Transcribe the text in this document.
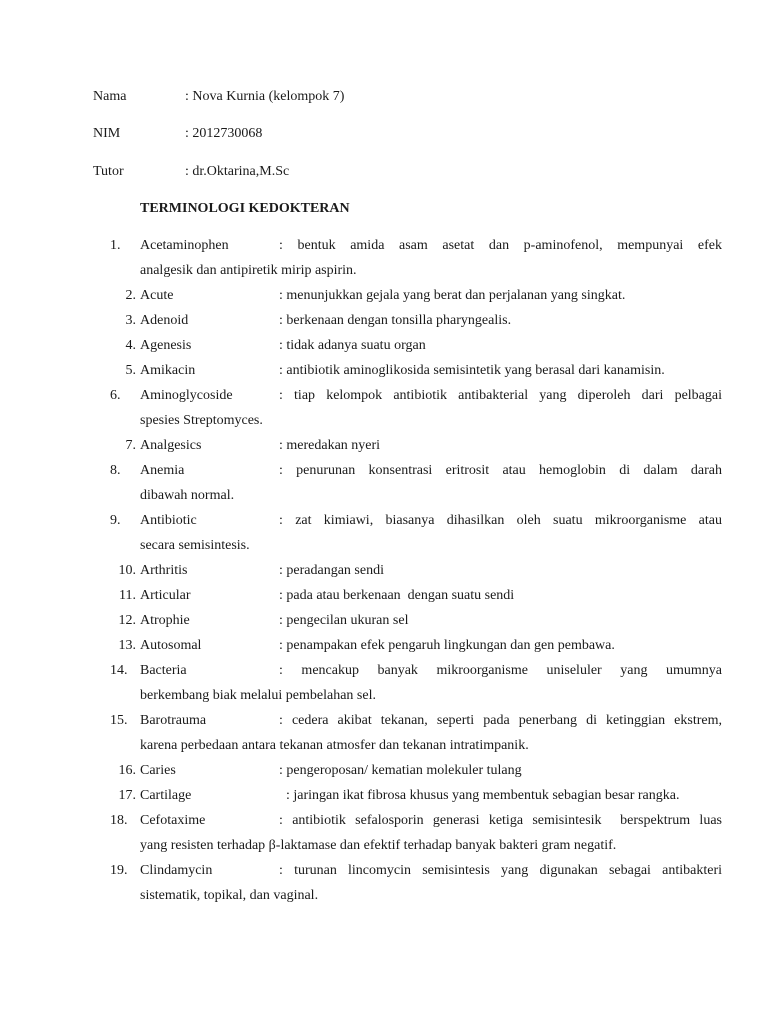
Nama	: Nova Kurnia (kelompok 7)
NIM	: 2012730068
Tutor	: dr.Oktarina,M.Sc
TERMINOLOGI KEDOKTERAN
1.	Acetaminophen	: bentuk amida asam asetat dan p-aminofenol, mempunyai efek
analgesik dan antipiretik mirip aspirin.
2. Acute	: menunjukkan gejala yang berat dan perjalanan yang singkat.
3. Adenoid	: berkenaan dengan tonsilla pharyngealis.
4. Agenesis	: tidak adanya suatu organ
5. Amikacin	: antibiotik aminoglikosida semisintetik yang berasal dari kanamisin.
6.	Aminoglycoside	: tiap kelompok antibiotik antibakterial yang diperoleh dari pelbagai
spesies Streptomyces.
7. Analgesics	: meredakan nyeri
8.	Anemia	: penurunan konsentrasi eritrosit atau hemoglobin di dalam darah
dibawah normal.
9.	Antibiotic	: zat kimiawi, biasanya dihasilkan oleh suatu mikroorganisme atau
secara semisintesis.
10. Arthritis	: peradangan sendi
11. Articular	: pada atau berkenaan  dengan suatu sendi
12. Atrophie	: pengecilan ukuran sel
13. Autosomal	: penampakan efek pengaruh lingkungan dan gen pembawa.
14. Bacteria	: mencakup banyak mikroorganisme uniseluler yang umumnya
berkembang biak melalui pembelahan sel.
15. Barotrauma	: cedera akibat tekanan, seperti pada penerbang di ketinggian ekstrem,
karena perbedaan antara tekanan atmosfer dan tekanan intratimpanik.
16. Caries	: pengeroposan/ kematian molekuler tulang
17. Cartilage	: jaringan ikat fibrosa khusus yang membentuk sebagian besar rangka.
18. Cefotaxime	: antibiotik sefalosporin generasi ketiga semisintesik  berspektrum luas
yang resisten terhadap β-laktamase dan efektif terhadap banyak bakteri gram negatif.
19. Clindamycin	: turunan lincomycin semisintesis yang digunakan sebagai antibakteri
sistematik, topikal, dan vaginal.
